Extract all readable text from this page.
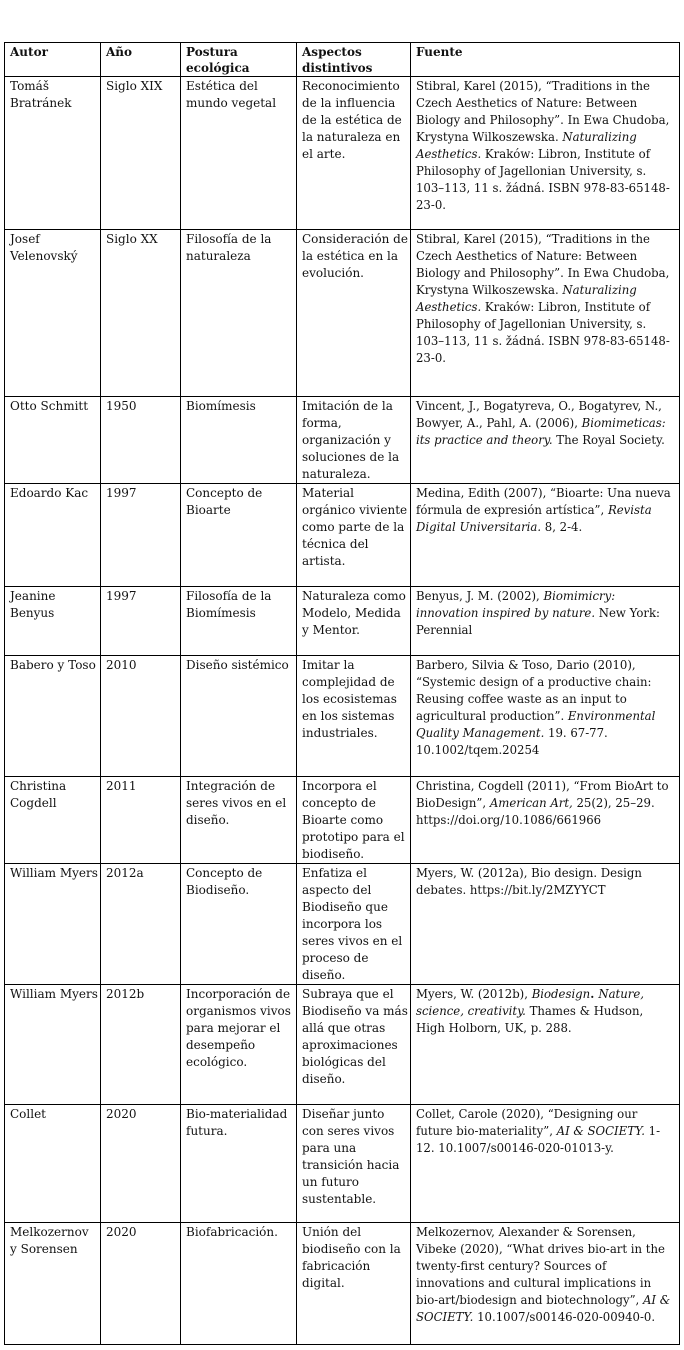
Autor	Año	Postura ecológica	Aspectos distintivos	Fuente
Tomáš Bratránek	Siglo XIX	Estética del mundo vegetal	Reconocimiento de la influencia de la estética de la naturaleza en el arte.	Stibral, Karel (2015), “Traditions in the Czech Aesthetics of Nature: Between Biology and Philosophy”. In Ewa Chudoba, Krystyna Wilkoszewska. Naturalizing Aesthetics. Kraków: Libron, Institute of Philosophy of Jagellonian University, s. 103–113, 11 s. žádná. ISBN 978-83-65148-23-0.
Josef Velenovský	Siglo XX	Filosofía de la naturaleza	Consideración de la estética en la evolución.	Stibral, Karel (2015), “Traditions in the Czech Aesthetics of Nature: Between Biology and Philosophy”. In Ewa Chudoba, Krystyna Wilkoszewska. Naturalizing Aesthetics. Kraków: Libron, Institute of Philosophy of Jagellonian University, s. 103–113, 11 s. žádná. ISBN 978-83-65148-23-0.
Otto Schmitt	1950	Biomímesis	Imitación de la forma, organización y soluciones de la naturaleza.	Vincent, J., Bogatyreva, O., Bogatyrev, N., Bowyer, A., Pahl, A. (2006), Biomimeticas: its practice and theory. The Royal Society.
Edoardo Kac	1997	Concepto de Bioarte	Material orgánico viviente como parte de la técnica del artista.	Medina, Edith (2007), “Bioarte: Una nueva fórmula de expresión artística”, Revista Digital Universitaria. 8, 2-4.
Jeanine Benyus	1997	Filosofía de la Biomímesis	Naturaleza como Modelo, Medida y Mentor.	Benyus, J. M. (2002), Biomimicry: innovation inspired by nature. New York: Perennial
Babero y Toso	2010	Diseño sistémico	Imitar la complejidad de los ecosistemas en los sistemas industriales.	Barbero, Silvia & Toso, Dario (2010), “Systemic design of a productive chain: Reusing coffee waste as an input to agricultural production”. Environmental Quality Management. 19. 67-77. 10.1002/tqem.20254
Christina Cogdell	2011	Integración de seres vivos en el diseño.	Incorpora el concepto de Bioarte como prototipo para el biodiseño.	Christina, Cogdell (2011), “From BioArt to BioDesign”, American Art, 25(2), 25–29. https://doi.org/10.1086/661966
William Myers	2012a	Concepto de Biodiseño.	Enfatiza el aspecto del Biodiseño que incorpora los seres vivos en el proceso de diseño.	Myers, W. (2012a), Bio design. Design debates. https://bit.ly/2MZYYCT
William Myers	2012b	Incorporación de organismos vivos para mejorar el desempeño ecológico.	Subraya que el Biodiseño va más allá que otras aproximaciones biológicas del diseño.	Myers, W. (2012b), Biodesign. Nature, science, creativity. Thames & Hudson, High Holborn, UK, p. 288.
Collet	2020	Bio-materialidad futura.	Diseñar junto con seres vivos para una transición hacia un futuro sustentable.	Collet, Carole (2020), “Designing our future bio-materiality”, AI & SOCIETY. 1-12. 10.1007/s00146-020-01013-y.
Melkozernov y Sorensen	2020	Biofabricación.	Unión del biodiseño con la fabricación digital.	Melkozernov, Alexander & Sorensen, Vibeke (2020), “What drives bio-art in the twenty-first century? Sources of innovations and cultural implications in bio-art/biodesign and biotechnology”, AI & SOCIETY. 10.1007/s00146-020-00940-0.
